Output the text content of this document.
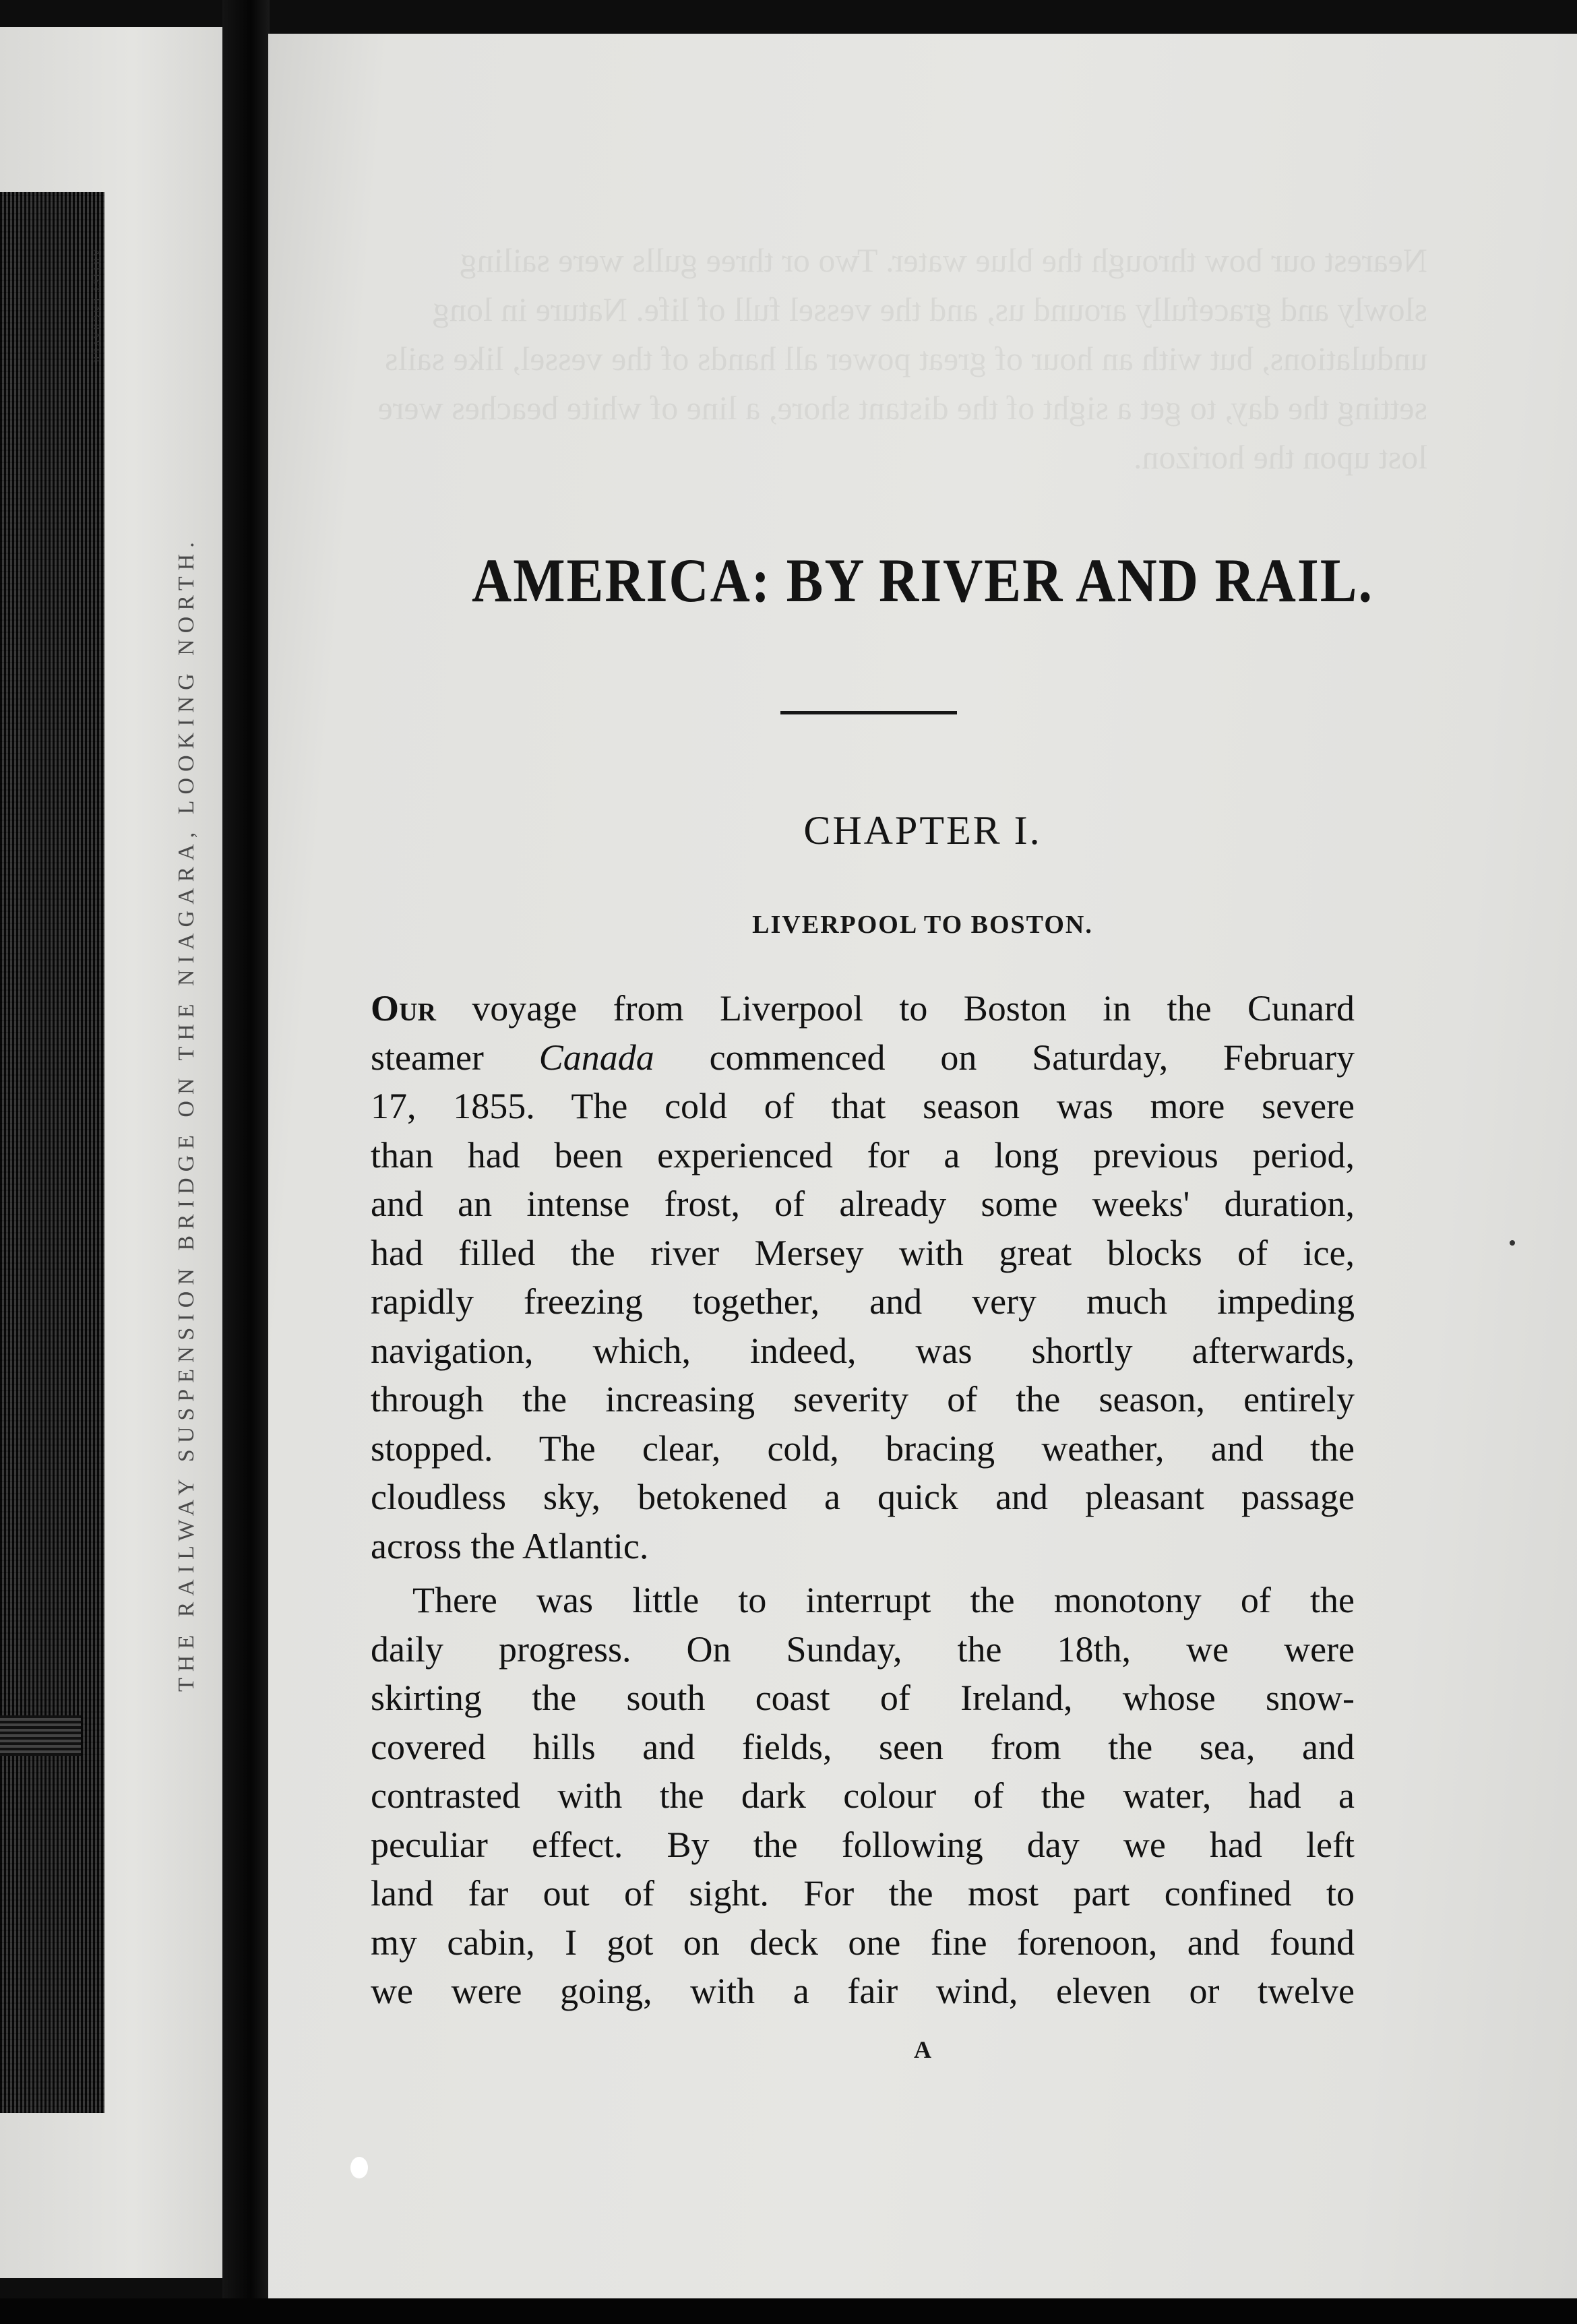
ARTIST ENGRAVER
THE RAILWAY SUSPENSION BRIDGE ON THE NIAGARA, LOOKING NORTH.
Nearest our bow through the blue water. Two or three gulls were sailing slowly and gracefully around us, and the vessel full of life. Nature in long undulations, but with an hour of great power all hands of the vessel, like sails setting the day, to get a sight of the distant shore, a line of white beaches were lost upon the horizon.
AMERICA: BY RIVER AND RAIL.
CHAPTER I.
LIVERPOOL TO BOSTON.
Our voyage from Liverpool to Boston in the Cunard
steamer Canada commenced on Saturday, February
17, 1855. The cold of that season was more severe
than had been experienced for a long previous period,
and an intense frost, of already some weeks' duration,
had filled the river Mersey with great blocks of ice,
rapidly freezing together, and very much impeding
navigation, which, indeed, was shortly afterwards,
through the increasing severity of the season, entirely
stopped. The clear, cold, bracing weather, and the
cloudless sky, betokened a quick and pleasant passage
across the Atlantic.
There was little to interrupt the monotony of the
daily progress. On Sunday, the 18th, we were
skirting the south coast of Ireland, whose snow-
covered hills and fields, seen from the sea, and
contrasted with the dark colour of the water, had a
peculiar effect. By the following day we had left
land far out of sight. For the most part confined to
my cabin, I got on deck one fine forenoon, and found
we were going, with a fair wind, eleven or twelve
A
